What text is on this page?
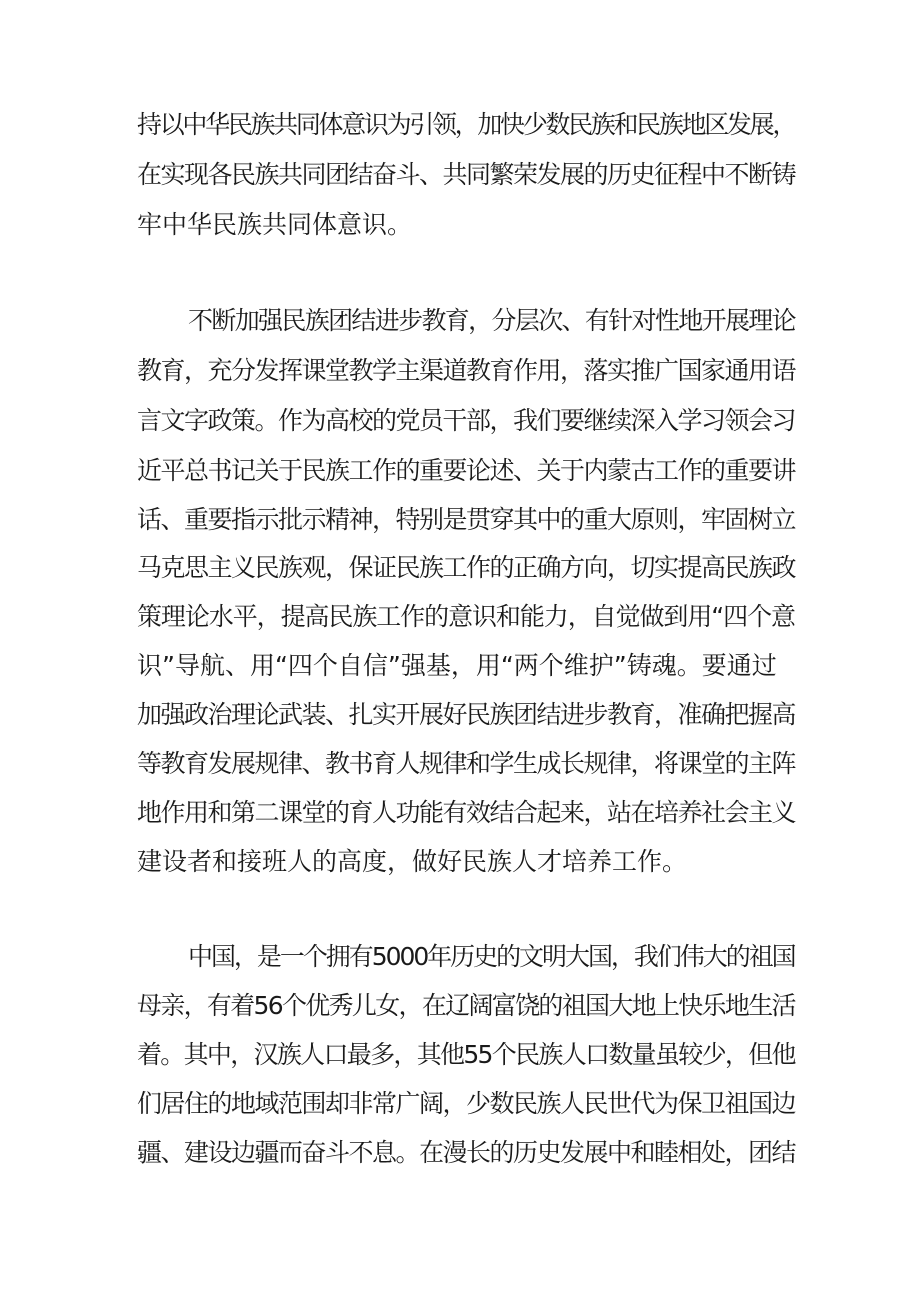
持以中华民族共同体意识为引领，加快少数民族和民族地区发展，
在实现各民族共同团结奋斗、共同繁荣发展的历史征程中不断铸
牢中华民族共同体意识。
不断加强民族团结进步教育，分层次、有针对性地开展理论
教育，充分发挥课堂教学主渠道教育作用，落实推广国家通用语
言文字政策。作为高校的党员干部，我们要继续深入学习领会习
近平总书记关于民族工作的重要论述、关于内蒙古工作的重要讲
话、重要指示批示精神，特别是贯穿其中的重大原则，牢固树立
马克思主义民族观，保证民族工作的正确方向，切实提高民族政
策理论水平，提高民族工作的意识和能力，自觉做到用“四个意
识”导航、用“四个自信”强基，用“两个维护”铸魂。要通过
加强政治理论武装、扎实开展好民族团结进步教育，准确把握高
等教育发展规律、教书育人规律和学生成长规律，将课堂的主阵
地作用和第二课堂的育人功能有效结合起来，站在培养社会主义
建设者和接班人的高度，做好民族人才培养工作。
中国，是一个拥有5000年历史的文明大国，我们伟大的祖国
母亲，有着56个优秀儿女，在辽阔富饶的祖国大地上快乐地生活
着。其中，汉族人口最多，其他55个民族人口数量虽较少，但他
们居住的地域范围却非常广阔，少数民族人民世代为保卫祖国边
疆、建设边疆而奋斗不息。在漫长的历史发展中和睦相处，团结
